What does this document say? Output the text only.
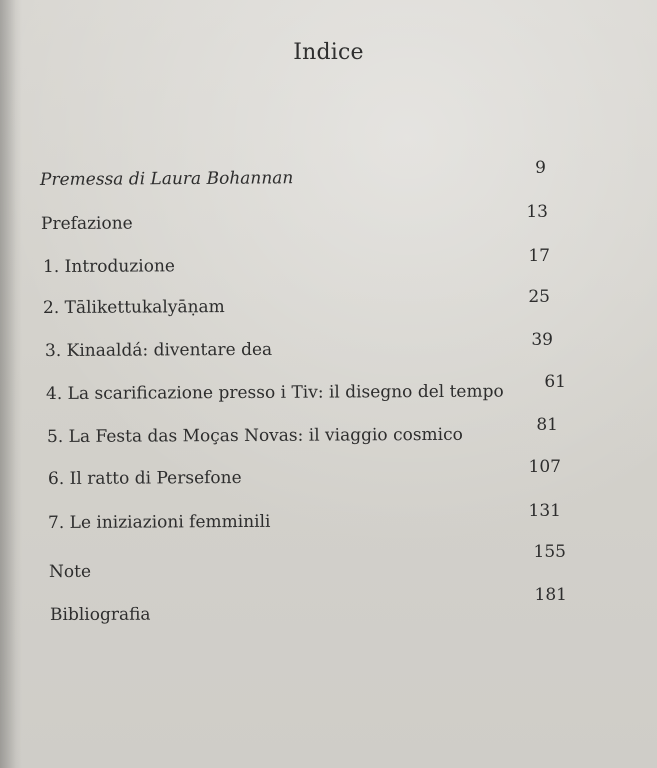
Indice
Premessa di Laura Bohannan
9
Prefazione
13
1. Introduzione
17
2. Tālikettukalyāṇam
25
3. Kinaaldá: diventare dea	39
4. La scarificazione presso i Tiv: il disegno del tempo 61
5. La Festa das Moças Novas: il viaggio cosmico	81
6. Il ratto di Persefone
107
7. Le iniziazioni femminili
131
Note
155
Bibliografia
181
